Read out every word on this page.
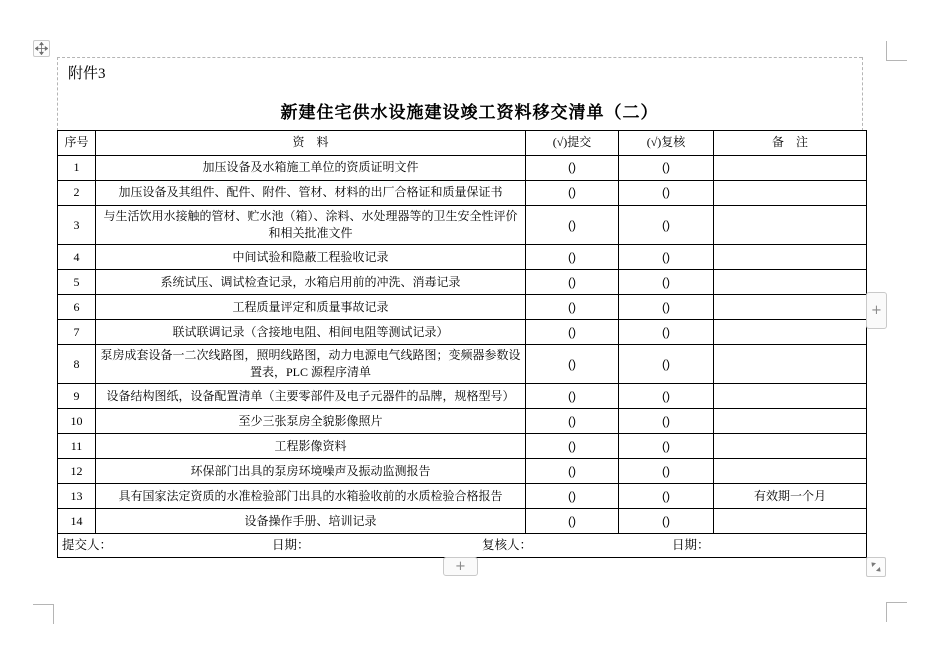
附件3
新建住宅供水设施建设竣工资料移交清单（二）
序号	资　料	(√)提交	(√)复核	备　注
1	加压设备及水箱施工单位的资质证明文件	()	()	
2	加压设备及其组件、配件、附件、管材、材料的出厂合格证和质量保证书	()	()	
3	与生活饮用水接触的管材、贮水池（箱）、涂料、水处理器等的卫生安全性评价和相关批准文件	()	()	
4	中间试验和隐蔽工程验收记录	()	()	
5	系统试压、调试检查记录，水箱启用前的冲洗、消毒记录	()	()	
6	工程质量评定和质量事故记录	()	()	
7	联试联调记录（含接地电阻、相间电阻等测试记录）	()	()	
8	泵房成套设备一二次线路图，照明线路图，动力电源电气线路图；变频器参数设置表，PLC 源程序清单	()	()	
9	设备结构图纸，设备配置清单（主要零部件及电子元器件的品牌，规格型号）	()	()	
10	至少三张泵房全貌影像照片	()	()	
11	工程影像资料	()	()	
12	环保部门出具的泵房环境噪声及振动监测报告	()	()	
13	具有国家法定资质的水准检验部门出具的水箱验收前的水质检验合格报告	()	()	有效期一个月
14	设备操作手册、培训记录	()	()	

提交人： 日期： 复核人： 日期：				
+
+
